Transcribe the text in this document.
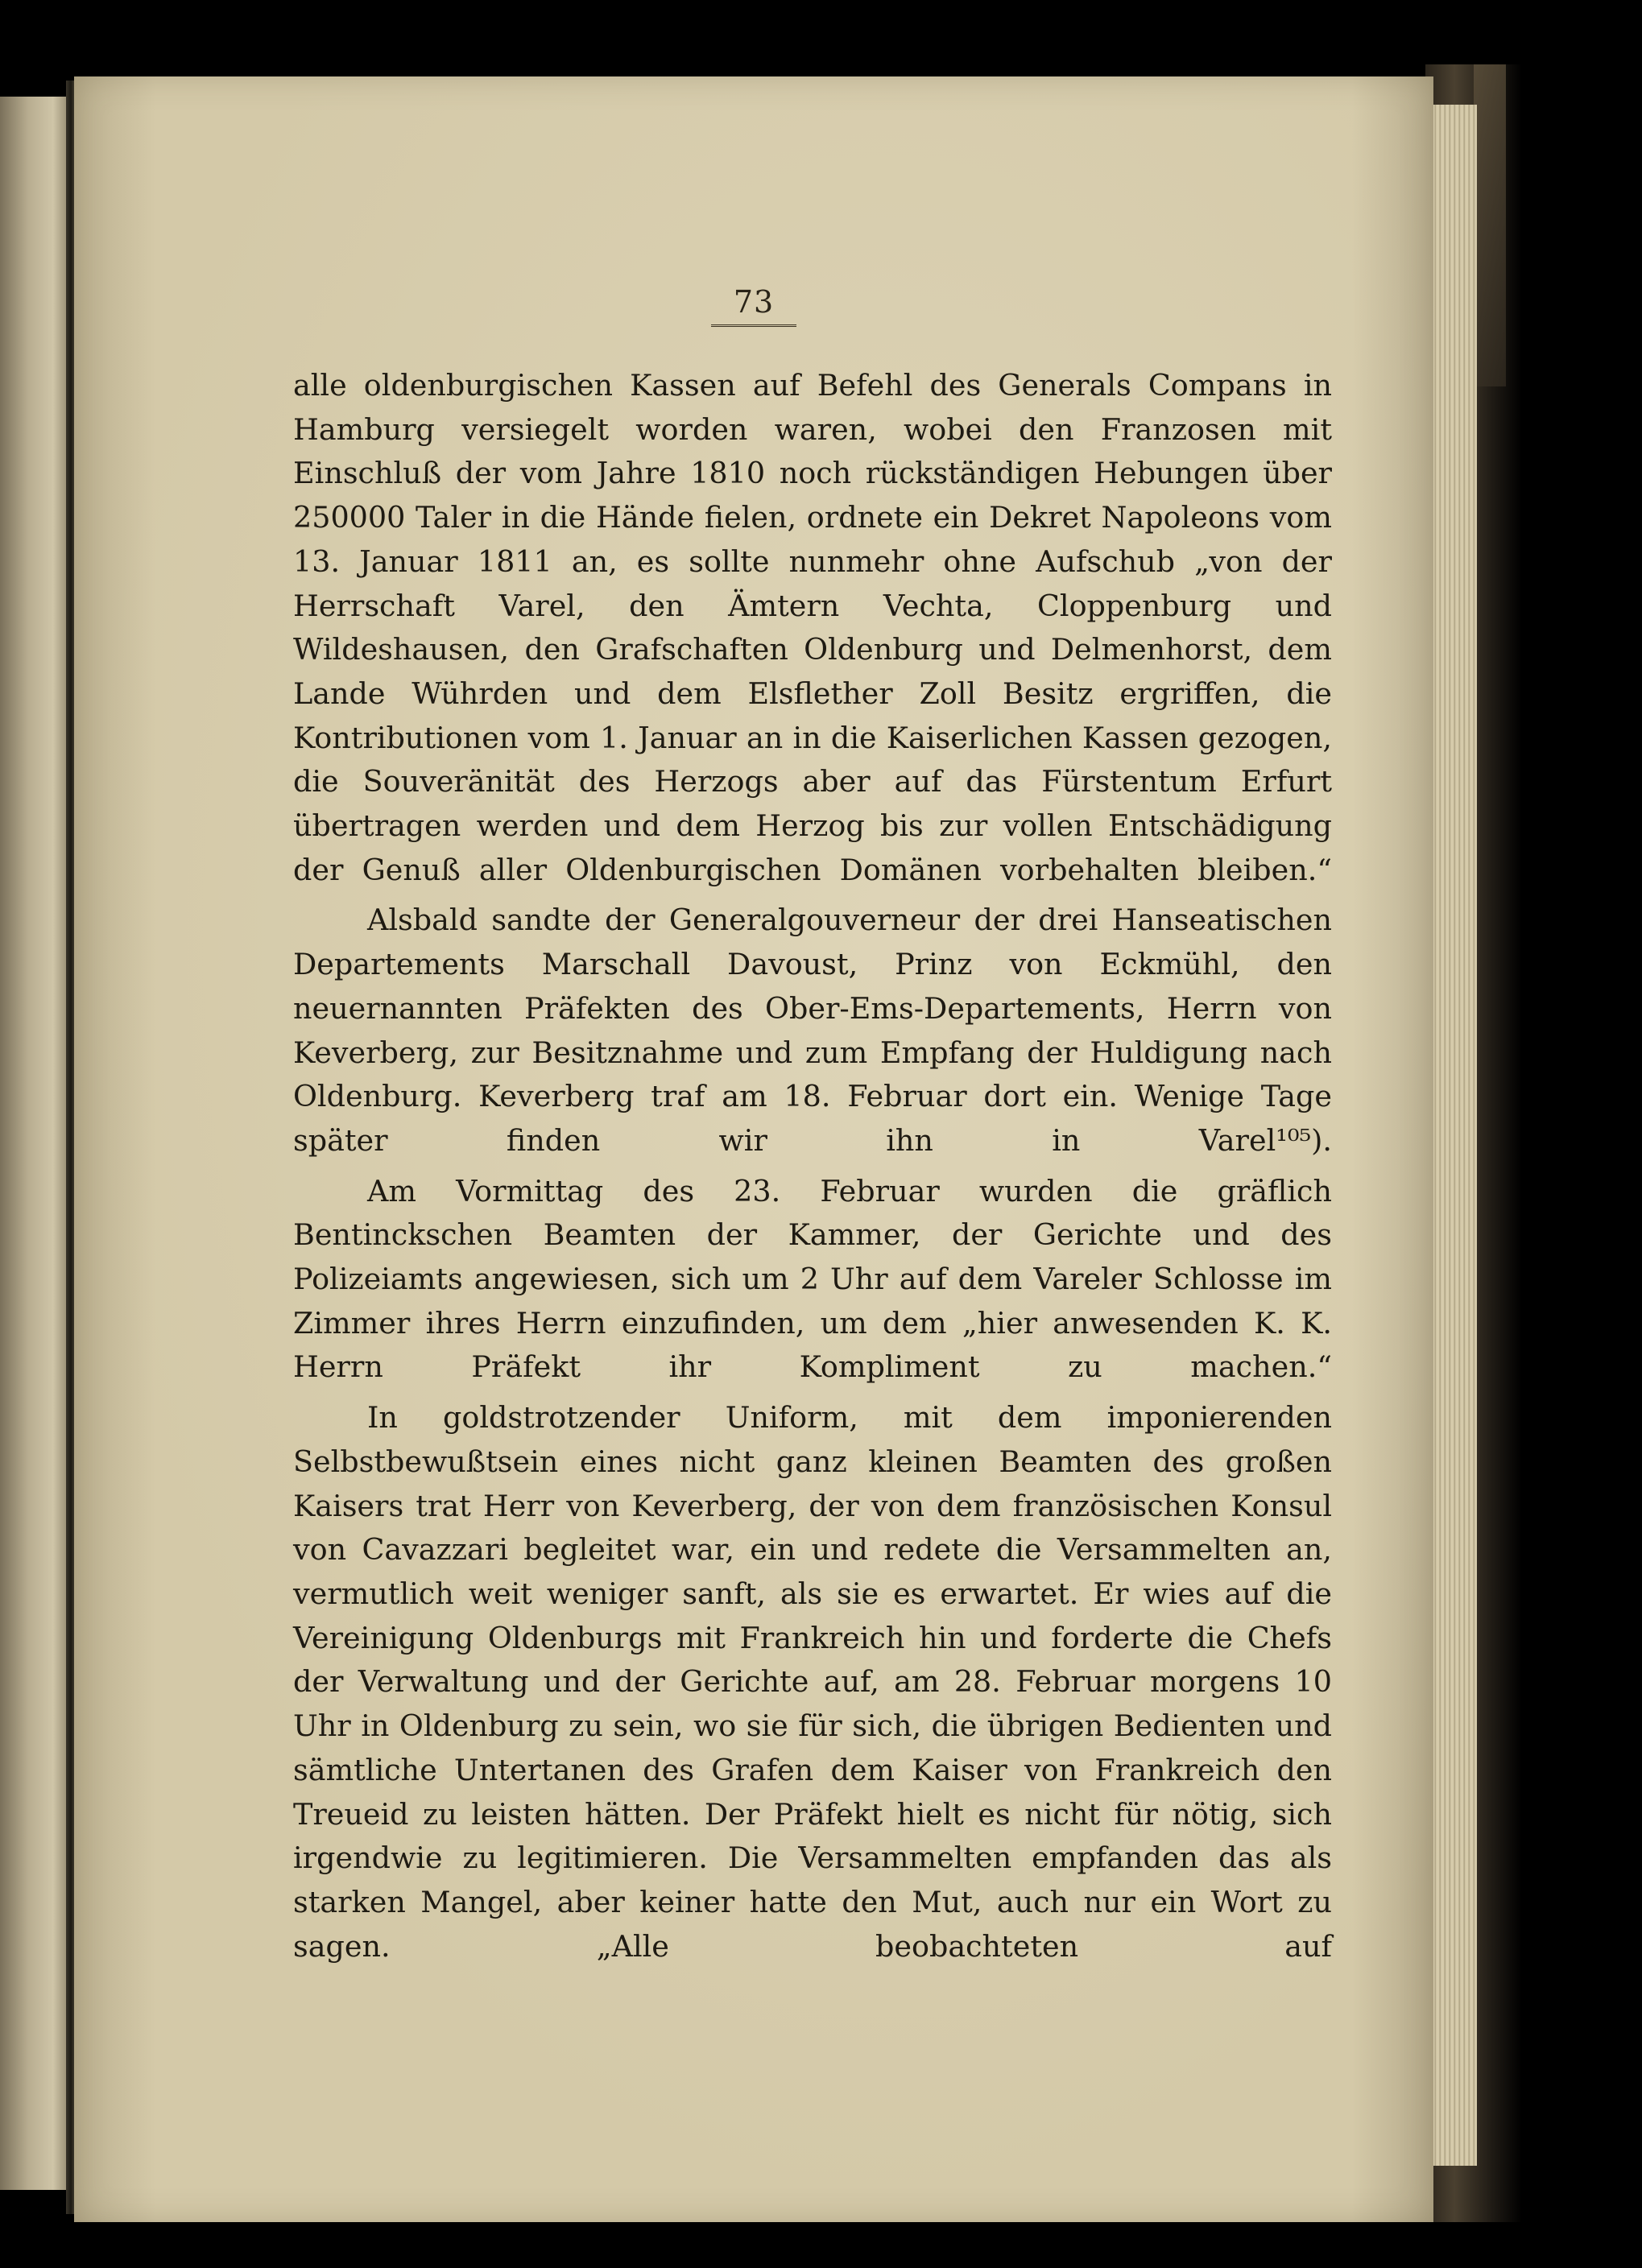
73

alle oldenburgischen Kassen auf Befehl des Generals Compans in Hamburg versiegelt worden waren, wobei den Franzosen mit Einschluß der vom Jahre 1810 noch rückständigen Hebungen über 250000 Taler in die Hände fielen, ordnete ein Dekret Napoleons vom 13. Januar 1811 an, es sollte nunmehr ohne Aufschub „von der Herrschaft Varel, den Ämtern Vechta, Cloppenburg und Wildeshausen, den Grafschaften Oldenburg und Delmenhorst, dem Lande Wührden und dem Elsflether Zoll Besitz ergriffen, die Kontributionen vom 1. Januar an in die Kaiserlichen Kassen gezogen, die Souveränität des Herzogs aber auf das Fürstentum Erfurt übertragen werden und dem Herzog bis zur vollen Entschädigung der Genuß aller Oldenburgischen Domänen vorbehalten bleiben.“

Alsbald sandte der Generalgouverneur der drei Hanseatischen Departements Marschall Davoust, Prinz von Eckmühl, den neuernannten Präfekten des Ober-Ems-Departements, Herrn von Keverberg, zur Besitznahme und zum Empfang der Huldigung nach Oldenburg. Keverberg traf am 18. Februar dort ein. Wenige Tage später finden wir ihn in Varel¹⁰⁵).

Am Vormittag des 23. Februar wurden die gräflich Bentinckschen Beamten der Kammer, der Gerichte und des Polizeiamts angewiesen, sich um 2 Uhr auf dem Vareler Schlosse im Zimmer ihres Herrn einzufinden, um dem „hier anwesenden K. K. Herrn Präfekt ihr Kompliment zu machen.“

In goldstrotzender Uniform, mit dem imponierenden Selbstbewußtsein eines nicht ganz kleinen Beamten des großen Kaisers trat Herr von Keverberg, der von dem französischen Konsul von Cavazzari begleitet war, ein und redete die Versammelten an, vermutlich weit weniger sanft, als sie es erwartet. Er wies auf die Vereinigung Oldenburgs mit Frankreich hin und forderte die Chefs der Verwaltung und der Gerichte auf, am 28. Februar morgens 10 Uhr in Oldenburg zu sein, wo sie für sich, die übrigen Bedienten und sämtliche Untertanen des Grafen dem Kaiser von Frankreich den Treueid zu leisten hätten. Der Präfekt hielt es nicht für nötig, sich irgendwie zu legitimieren. Die Versammelten empfanden das als starken Mangel, aber keiner hatte den Mut, auch nur ein Wort zu sagen. „Alle beobachteten auf
